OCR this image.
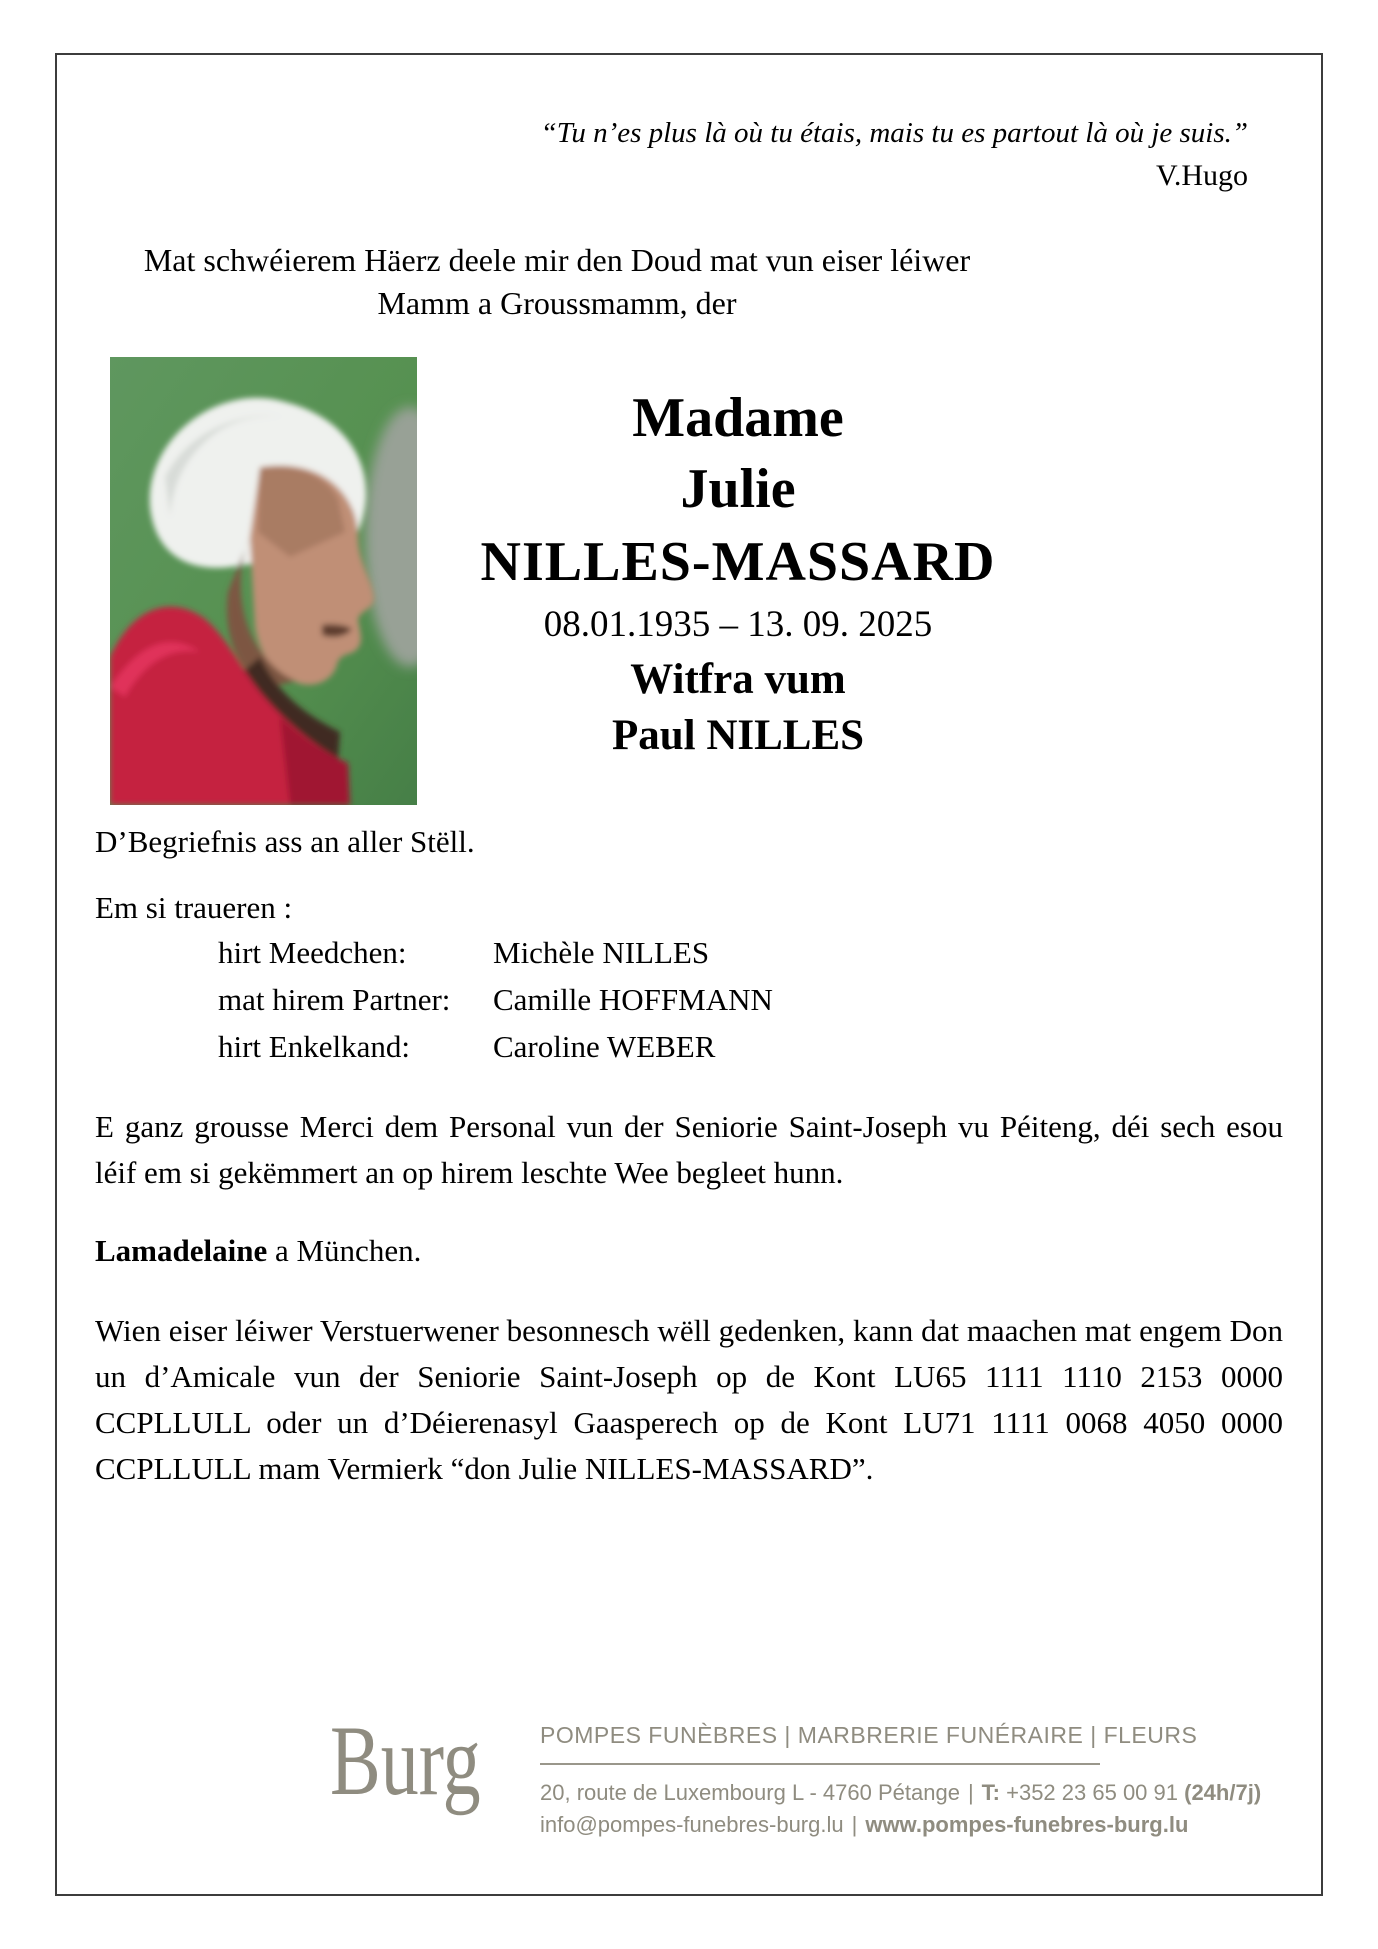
“Tu n’es plus là où tu étais, mais tu es partout là où je suis.”
V.Hugo
Mat schwéierem Häerz deele mir den Doud mat vun eiser léiwer
Mamm a Groussmamm, der
Madame
Julie
NILLES-MASSARD
08.01.1935 – 13. 09. 2025
Witfra vum
Paul NILLES
D’Begriefnis ass an aller Stëll.
Em si traueren :
hirt Meedchen:	Michèle NILLES
mat hirem Partner:	Camille HOFFMANN
hirt Enkelkand:	Caroline WEBER
E ganz grousse Merci dem Personal vun der Seniorie Saint-Joseph vu Péiteng, déi sech esou léif em si gekëmmert an op hirem leschte Wee begleet hunn.
Lamadelaine a München.
Wien eiser léiwer Verstuerwener besonnesch wëll gedenken, kann dat maachen mat engem Don un d’Amicale vun der Seniorie Saint-Joseph op de Kont LU65 1111 1110 2153 0000 CCPLLULL oder un d’Déierenasyl Gaasperech op de Kont LU71 1111 0068 4050 0000 CCPLLULL mam Vermierk “don Julie NILLES-MASSARD”.
Burg	POMPES FUNÈBRES | MARBRERIE FUNÉRAIRE | FLEURS
20, route de Luxembourg L - 4760 Pétange | T: +352 23 65 00 91 (24h/7j)
info@pompes-funebres-burg.lu | www.pompes-funebres-burg.lu
